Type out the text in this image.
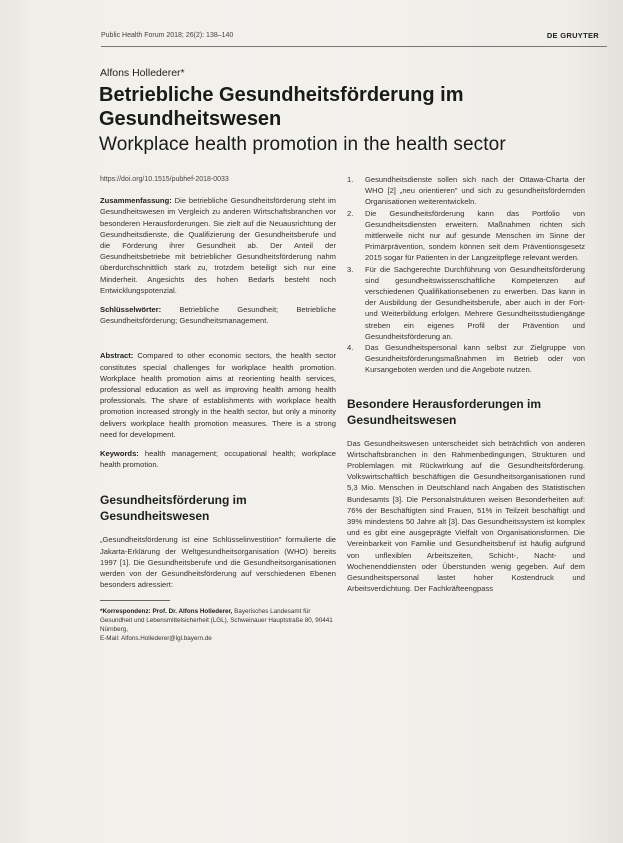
Public Health Forum 2018; 26(2): 138–140	DE GRUYTER
Alfons Hollederer*
Betriebliche Gesundheitsförderung im Gesundheitswesen
Workplace health promotion in the health sector

https://doi.org/10.1515/pubhef-2018-0033

Zusammenfassung: Die betriebliche Gesundheitsförderung steht im Gesundheitswesen im Vergleich zu anderen Wirtschaftsbranchen vor besonderen Herausforderungen. Sie zielt auf die Neuausrichtung der Gesundheitsdienste, die Qualifizierung der Gesundheitsberufe und die Förderung ihrer Gesundheit ab. Der Anteil der Gesundheitsbetriebe mit betrieblicher Gesundheitsförderung nahm überdurchschnittlich stark zu, trotzdem beteiligt sich nur eine Minderheit. Angesichts des hohen Bedarfs besteht noch Entwicklungspotenzial.

Schlüsselwörter: Betriebliche Gesundheit; Betriebliche Gesundheitsförderung; Gesundheitsmanagement.

Abstract: Compared to other economic sectors, the health sector constitutes special challenges for workplace health promotion. Workplace health promotion aims at reorienting health services, professional education as well as improving health among health professionals. The share of establishments with workplace health promotion increased strongly in the health sector, but only a minority delivers workplace health promotion measures. There is a strong need for development.

Keywords: health management; occupational health; workplace health promotion.

Gesundheitsförderung im Gesundheitswesen

„Gesundheitsförderung ist eine Schlüsselinvestition" formulierte die Jakarta-Erklärung der Weltgesundheitsorganisation (WHO) bereits 1997 [1]. Die Gesundheitsberufe und die Gesundheitsorganisationen werden von der Gesundheitsförderung auf verschiedenen Ebenen besonders adressiert:

*Korrespondenz: Prof. Dr. Alfons Hollederer, Bayerisches Landesamt für Gesundheit und Lebensmittelsicherheit (LGL), Schweinauer Hauptstraße 80, 90441 Nürnberg,
E-Mail: Alfons.Hollederer@lgl.bayern.de
1. Gesundheitsdienste sollen sich nach der Ottawa-Charta der WHO [2] „neu orientieren" und sich zu gesundheitsfördernden Organisationen weiterentwickeln.
2. Die Gesundheitsförderung kann das Portfolio von Gesundheitsdiensten erweitern. Maßnahmen richten sich mittlerweile nicht nur auf gesunde Menschen im Sinne der Primärprävention, sondern können seit dem Präventionsgesetz 2015 sogar für Patienten in der Langzeitpflege relevant werden.
3. Für die Sachgerechte Durchführung von Gesundheitsförderung sind gesundheitswissenschaftliche Kompetenzen auf verschiedenen Qualifikationsebenen zu erwerben. Das kann in der Ausbildung der Gesundheitsberufe, aber auch in der Fort- und Weiterbildung erfolgen. Mehrere Gesundheitsstudiengänge streben ein eigenes Profil der Prävention und Gesundheitsförderung an.
4. Das Gesundheitspersonal kann selbst zur Zielgruppe von Gesundheitsförderungsmaßnahmen im Betrieb oder von Kursangeboten werden und die Angebote nutzen.

Besondere Herausforderungen im Gesundheitswesen

Das Gesundheitswesen unterscheidet sich beträchtlich von anderen Wirtschaftsbranchen in den Rahmenbedingungen, Strukturen und Problemlagen mit Rückwirkung auf die Gesundheitsförderung. Volkswirtschaftlich beschäftigen die Gesundheitsorganisationen rund 5,3 Mio. Menschen in Deutschland nach Angaben des Statistischen Bundesamts [3]. Die Personalstrukturen weisen Besonderheiten auf: 76% der Beschäftigten sind Frauen, 51% in Teilzeit beschäftigt und 39% mindestens 50 Jahre alt [3]. Das Gesundheitssystem ist komplex und es gibt eine ausgeprägte Vielfalt von Organisationsformen. Die Vereinbarkeit von Familie und Gesundheitsberuf ist häufig aufgrund von unflexiblen Arbeitszeiten, Schicht-, Nacht- und Wochenenddiensten oder Überstunden wenig gegeben. Auf dem Gesundheitspersonal lastet hoher Kostendruck und Arbeitsverdichtung. Der Fachkräfteengpass
